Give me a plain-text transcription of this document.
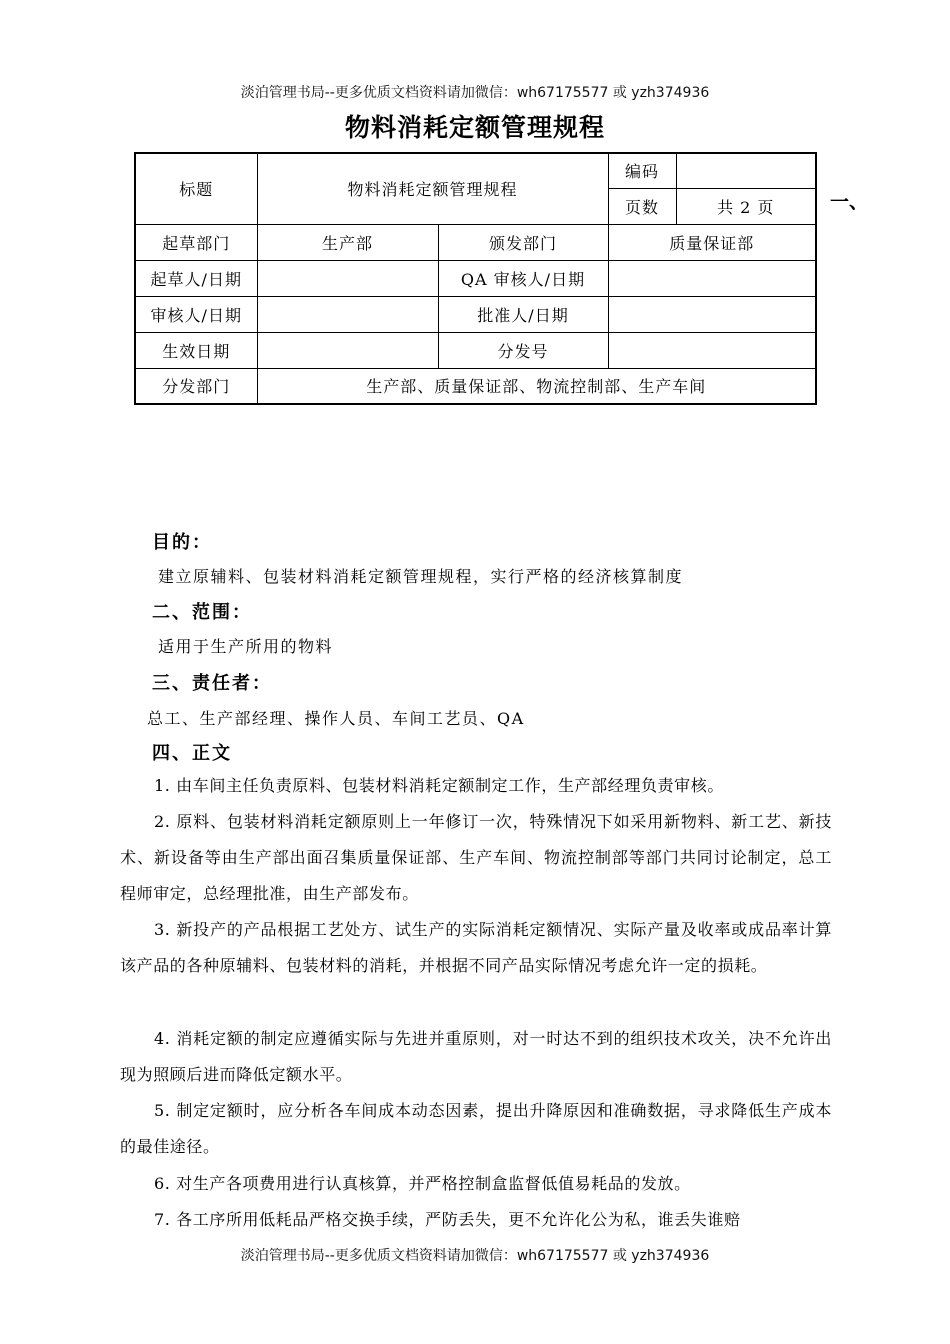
淡泊管理书局--更多优质文档资料请加微信：wh67175577 或 yzh374936
物料消耗定额管理规程
标题	物料消耗定额管理规程		编码	
			页数	共 2 页
起草部门	生产部	颁发部门	质量保证部	
起草人/日期		QA 审核人/日期		
审核人/日期		批准人/日期		
生效日期		分发号		
分发部门	生产部、质量保证部、物流控制部、生产车间			
一、
目的：
建立原辅料、包装材料消耗定额管理规程，实行严格的经济核算制度
二、范围：
适用于生产所用的物料
三、责任者：
总工、生产部经理、操作人员、车间工艺员、QA
四、正文
1. 由车间主任负责原料、包装材料消耗定额制定工作，生产部经理负责审核。
2. 原料、包装材料消耗定额原则上一年修订一次，特殊情况下如采用新物料、新工艺、新技术、新设备等由生产部出面召集质量保证部、生产车间、物流控制部等部门共同讨论制定，总工程师审定，总经理批准，由生产部发布。
3. 新投产的产品根据工艺处方、试生产的实际消耗定额情况、实际产量及收率或成品率计算该产品的各种原辅料、包装材料的消耗，并根据不同产品实际情况考虑允许一定的损耗。
4. 消耗定额的制定应遵循实际与先进并重原则，对一时达不到的组织技术攻关，决不允许出现为照顾后进而降低定额水平。
5. 制定定额时，应分析各车间成本动态因素，提出升降原因和准确数据，寻求降低生产成本的最佳途径。
6. 对生产各项费用进行认真核算，并严格控制盒监督低值易耗品的发放。
7. 各工序所用低耗品严格交换手续，严防丢失，更不允许化公为私，谁丢失谁赔
淡泊管理书局--更多优质文档资料请加微信：wh67175577 或 yzh374936
